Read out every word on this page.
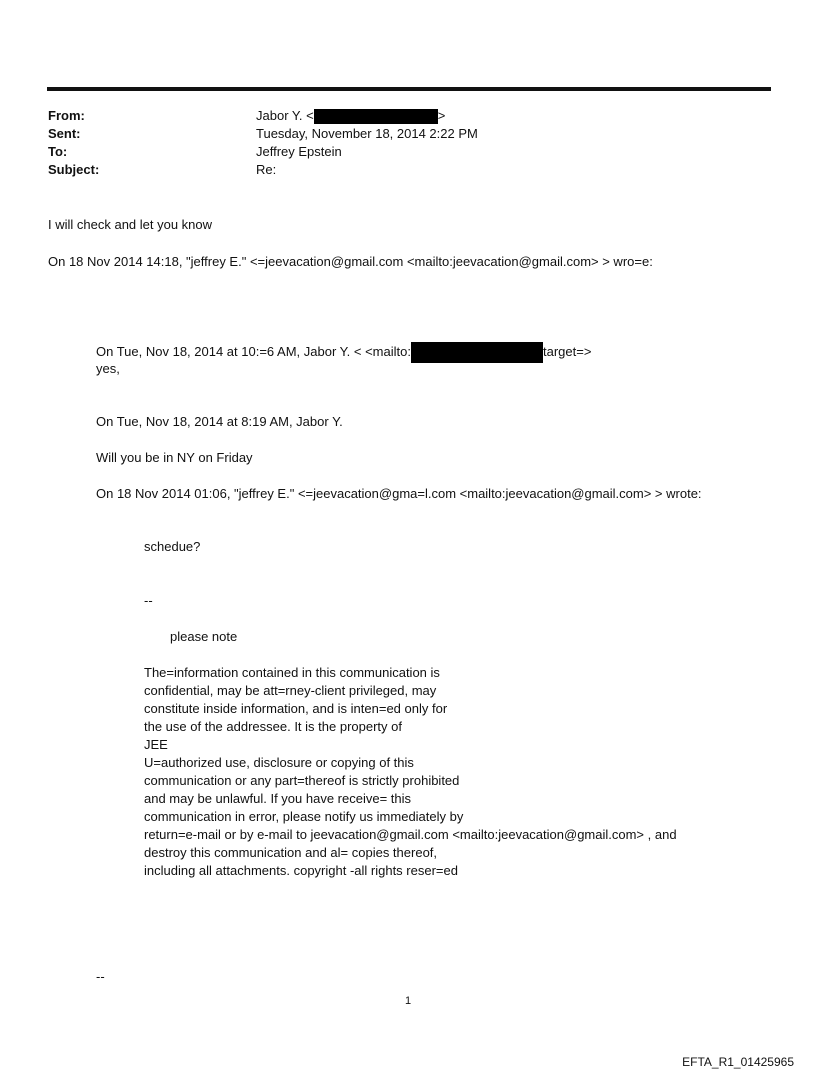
From:	Jabor Y. <	>
Sent:	Tuesday, November 18, 2014 2:22 PM
To:	Jeffrey Epstein
Subject:	Re:
I will check and let you know
On 18 Nov 2014 14:18, "jeffrey E." <=jeevacation@gmail.com <mailto:jeevacation@gmail.com> > wro=e:
On Tue, Nov 18, 2014 at 10:=6 AM, Jabor Y. < <mailto:	target=>
yes,
On Tue, Nov 18, 2014 at 8:19 AM, Jabor Y.
Will you be in NY on Friday
On 18 Nov 2014 01:06, "jeffrey E." <=jeevacation@gma=l.com <mailto:jeevacation@gmail.com> > wrote:
schedue?
--
please note
The=information contained in this communication is
confidential, may be att=rney-client privileged, may
constitute inside information, and is inten=ed only for
the use of the addressee. It is the property of
JEE
U=authorized use, disclosure or copying of this
communication or any part=thereof is strictly prohibited
and may be unlawful. If you have receive= this
communication in error, please notify us immediately by
return=e-mail or by e-mail to jeevacation@gmail.com <mailto:jeevacation@gmail.com> , and
destroy this communication and al= copies thereof,
including all attachments. copyright -all rights reser=ed
--
1
EFTA_R1_01425965
